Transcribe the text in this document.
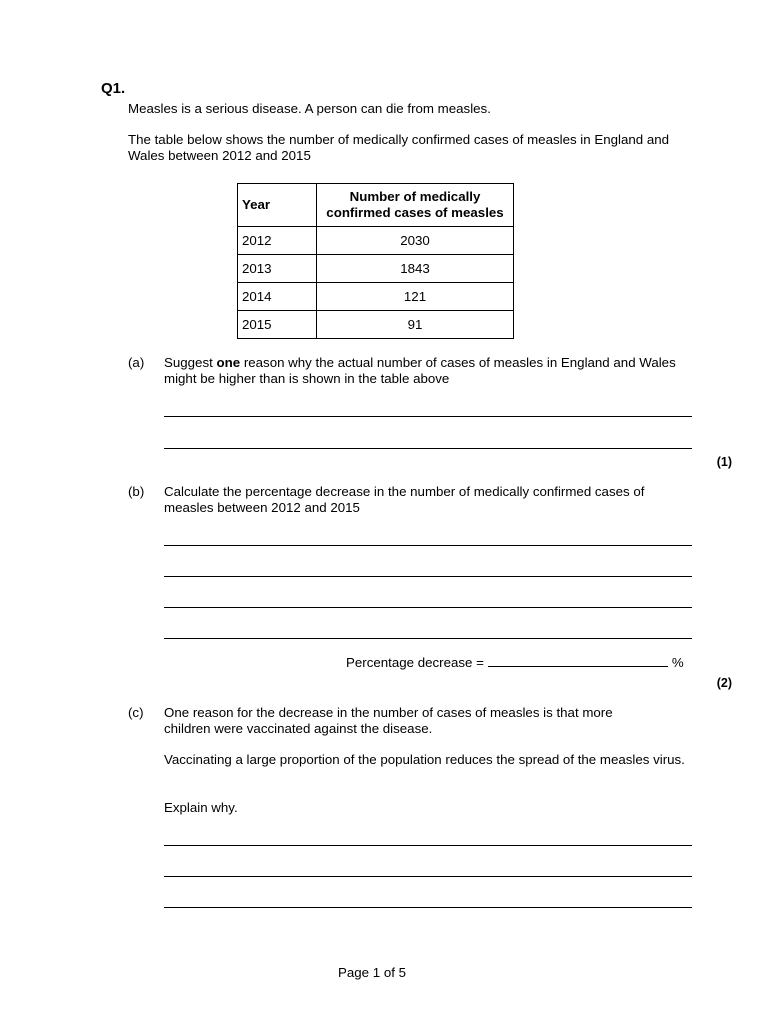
Q1.
Measles is a serious disease. A person can die from measles.
The table below shows the number of medically confirmed cases of measles in England and Wales between 2012 and 2015
Year	Number of medically confirmed cases of measles
2012	2030
2013	1843
2014	121
2015	91
(a) Suggest one reason why the actual number of cases of measles in England and Wales might be higher than is shown in the table above
(1)
(b) Calculate the percentage decrease in the number of medically confirmed cases of measles between 2012 and 2015
Percentage decrease =	%
(2)
(c) One reason for the decrease in the number of cases of measles is that more children were vaccinated against the disease.
Vaccinating a large proportion of the population reduces the spread of the measles virus.
Explain why.
Page 1 of 5
